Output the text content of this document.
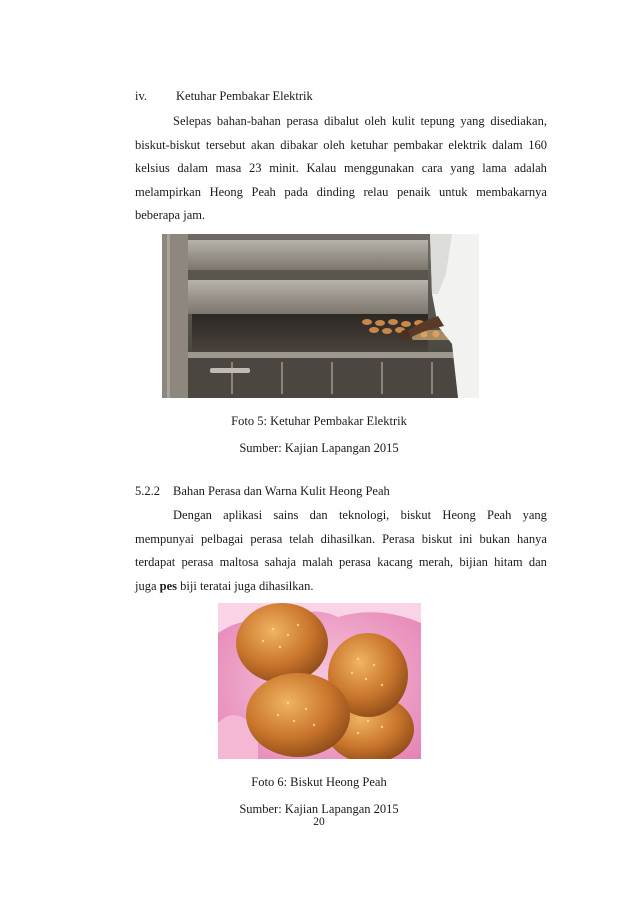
iv. Ketuhar Pembakar Elektrik
Selepas bahan-bahan perasa dibalut oleh kulit tepung yang disediakan,
biskut-biskut tersebut akan dibakar oleh ketuhar pembakar elektrik dalam 160
kelsius dalam masa 23 minit. Kalau menggunakan cara yang lama adalah
melampirkan Heong Peah pada dinding relau penaik untuk membakarnya
beberapa jam.
Foto 5: Ketuhar Pembakar Elektrik
Sumber: Kajian Lapangan 2015
5.2.2 Bahan Perasa dan Warna Kulit Heong Peah
Dengan aplikasi sains dan teknologi, biskut Heong Peah yang
mempunyai pelbagai perasa telah dihasilkan. Perasa biskut ini bukan hanya
terdapat perasa maltosa sahaja malah perasa kacang merah, bijian hitam dan
juga pes biji teratai juga dihasilkan.
Foto 6: Biskut Heong Peah
Sumber: Kajian Lapangan 2015
20
